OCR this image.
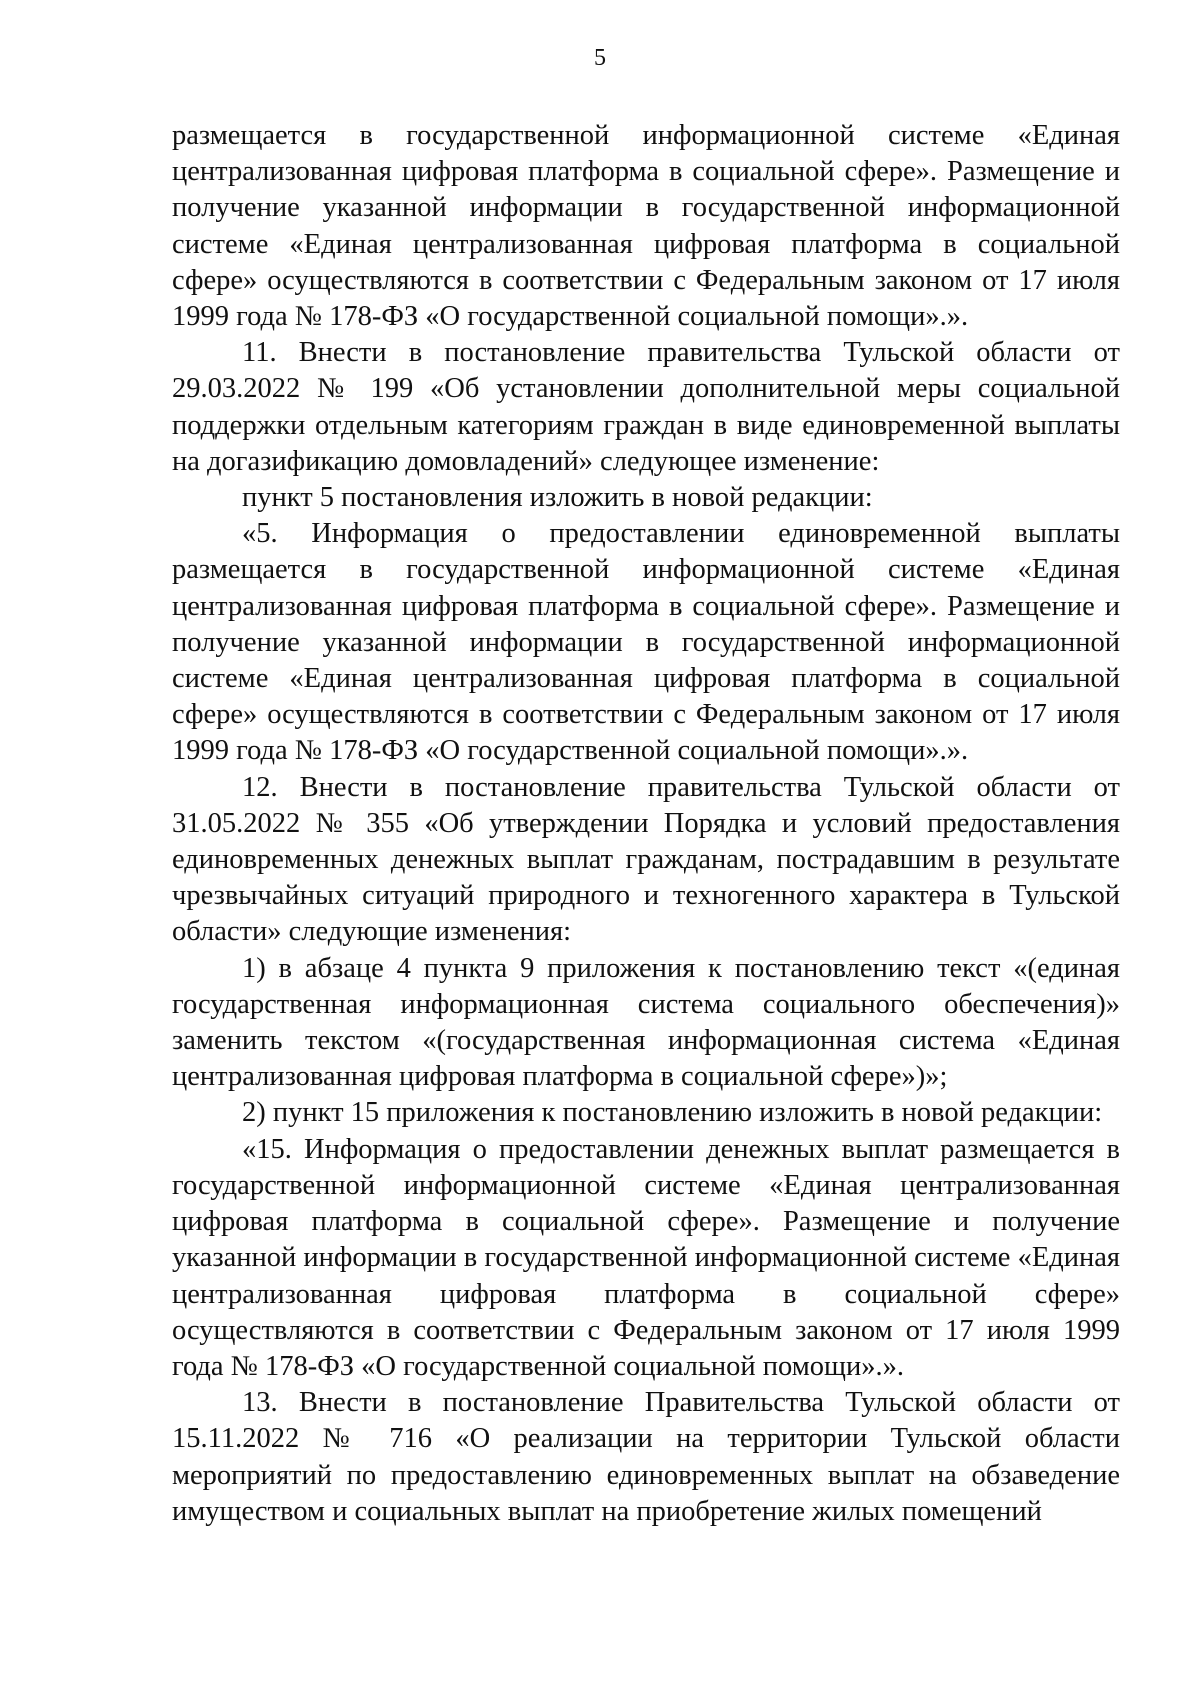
5

размещается в государственной информационной системе «Единая централизованная цифровая платформа в социальной сфере». Размещение и получение указанной информации в государственной информационной системе «Единая централизованная цифровая платформа в социальной сфере» осуществляются в соответствии с Федеральным законом от 17 июля 1999 года № 178-ФЗ «О государственной социальной помощи».».

11. Внести в постановление правительства Тульской области от 29.03.2022 № 199 «Об установлении дополнительной меры социальной поддержки отдельным категориям граждан в виде единовременной выплаты на догазификацию домовладений» следующее изменение:

пункт 5 постановления изложить в новой редакции:

«5. Информация о предоставлении единовременной выплаты размещается в государственной информационной системе «Единая централизованная цифровая платформа в социальной сфере». Размещение и получение указанной информации в государственной информационной системе «Единая централизованная цифровая платформа в социальной сфере» осуществляются в соответствии с Федеральным законом от 17 июля 1999 года № 178-ФЗ «О государственной социальной помощи».».

12. Внести в постановление правительства Тульской области от 31.05.2022 № 355 «Об утверждении Порядка и условий предоставления единовременных денежных выплат гражданам, пострадавшим в результате чрезвычайных ситуаций природного и техногенного характера в Тульской области» следующие изменения:

1) в абзаце 4 пункта 9 приложения к постановлению текст «(единая государственная информационная система социального обеспечения)» заменить текстом «(государственная информационная система «Единая централизованная цифровая платформа в социальной сфере»)»;

2) пункт 15 приложения к постановлению изложить в новой редакции:

«15. Информация о предоставлении денежных выплат размещается в государственной информационной системе «Единая централизованная цифровая платформа в социальной сфере». Размещение и получение указанной информации в государственной информационной системе «Единая централизованная цифровая платформа в социальной сфере» осуществляются в соответствии с Федеральным законом от 17 июля 1999 года № 178-ФЗ «О государственной социальной помощи».».

13. Внести в постановление Правительства Тульской области от 15.11.2022 № 716 «О реализации на территории Тульской области мероприятий по предоставлению единовременных выплат на обзаведение имуществом и социальных выплат на приобретение жилых помещений
